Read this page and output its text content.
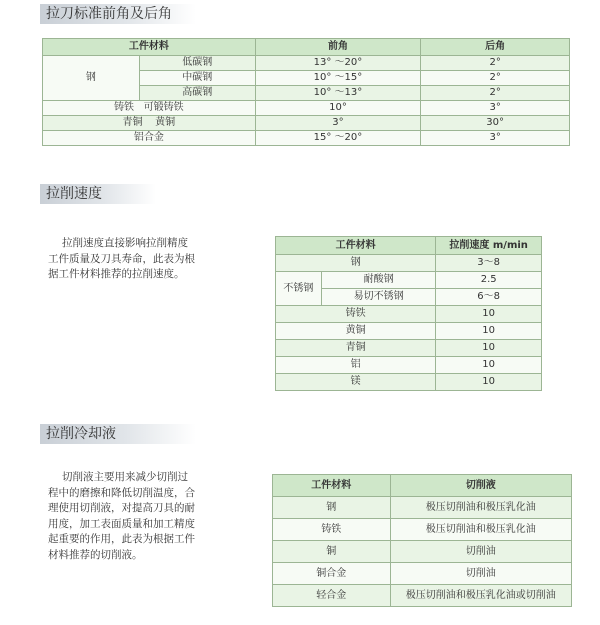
拉刀标准前角及后角
工件材料		前角	后角
钢	低碳钢	13° ～20°	2°
	中碳钢	10° ～15°	2°
	高碳钢	10° ～13°	2°
铸铁   可锻铸铁		10°	3°
青铜    黄铜		3°	30°
铝合金		15° ～20°	3°
拉削速度
拉削速度直接影响拉削精度
工件质量及刀具寿命，此表为根
据工件材料推荐的拉削速度。
工件材料		拉削速度 m/min
钢		3～8
不锈钢	耐酸钢	2.5
	易切不锈钢	6～8
铸铁		10
黄铜		10
青铜		10
铝		10
镁		10
拉削冷却液
切削液主要用来减少切削过
程中的磨擦和降低切削温度，合
理使用切削液，对提高刀具的耐
用度，加工表面质量和加工精度
起重要的作用，此表为根据工件
材料推荐的切削液。
工件材料	切削液
钢	极压切削油和极压乳化油
铸铁	极压切削油和极压乳化油
铜	切削油
铜合金	切削油
轻合金	极压切削油和极压乳化油或切削油
